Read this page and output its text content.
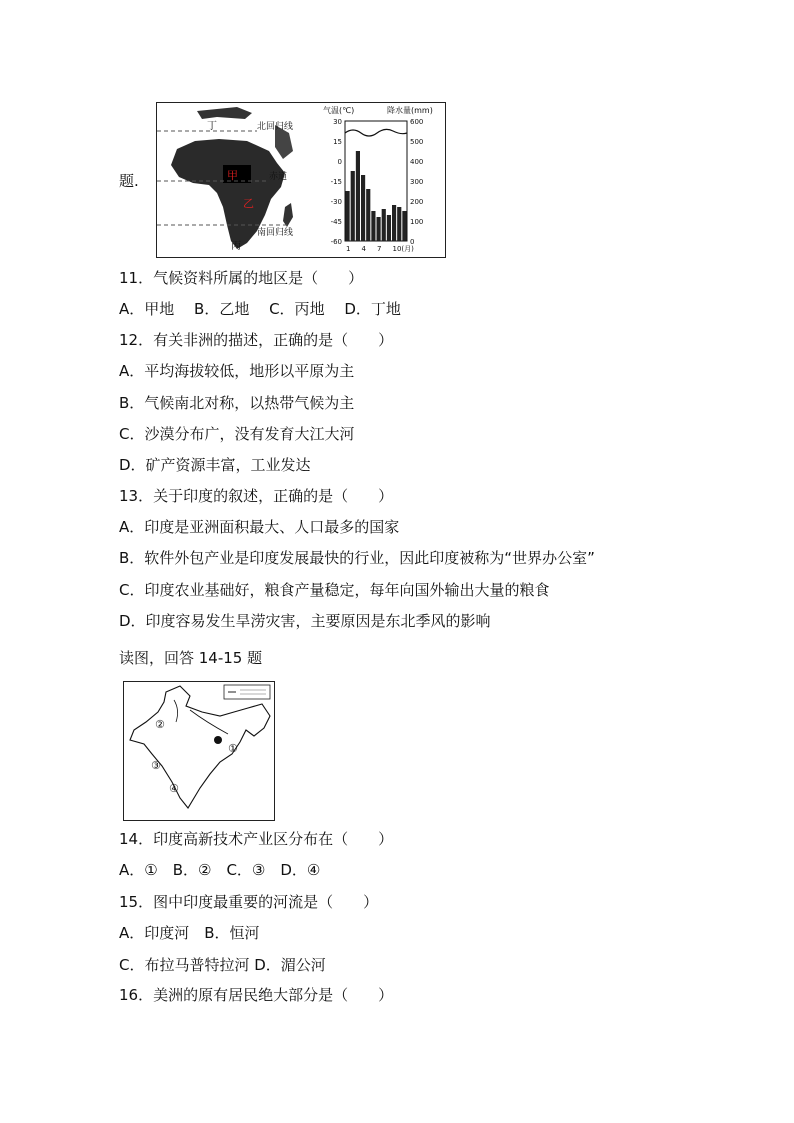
题.
北回归线
赤道
南回归线
丁
甲
乙
丙
气温(℃)	降水量(mm)
30
15
0
-15
-30
-45
-60
600
500
400
300
200
100
0
1 4 7 10(月)
11．气候资料所属的地区是（　　）
A．甲地　 B．乙地　 C．丙地　 D．丁地
12．有关非洲的描述，正确的是（　　）
A．平均海拔较低，地形以平原为主
B．气候南北对称，以热带气候为主
C．沙漠分布广，没有发育大江大河
D．矿产资源丰富，工业发达
13．关于印度的叙述，正确的是（　　）
A．印度是亚洲面积最大、人口最多的国家
B．软件外包产业是印度发展最快的行业，因此印度被称为“世界办公室”
C．印度农业基础好，粮食产量稳定，每年向国外输出大量的粮食
D．印度容易发生旱涝灾害，主要原因是东北季风的影响
读图，回答 14-15 题
①
②
③
④
14．印度高新技术产业区分布在（　　）
A．①　B．②　C．③　D．④
15．图中印度最重要的河流是（　　）
A．印度河　B．恒河
C．布拉马普特拉河 D．湄公河
16．美洲的原有居民绝大部分是（　　）
